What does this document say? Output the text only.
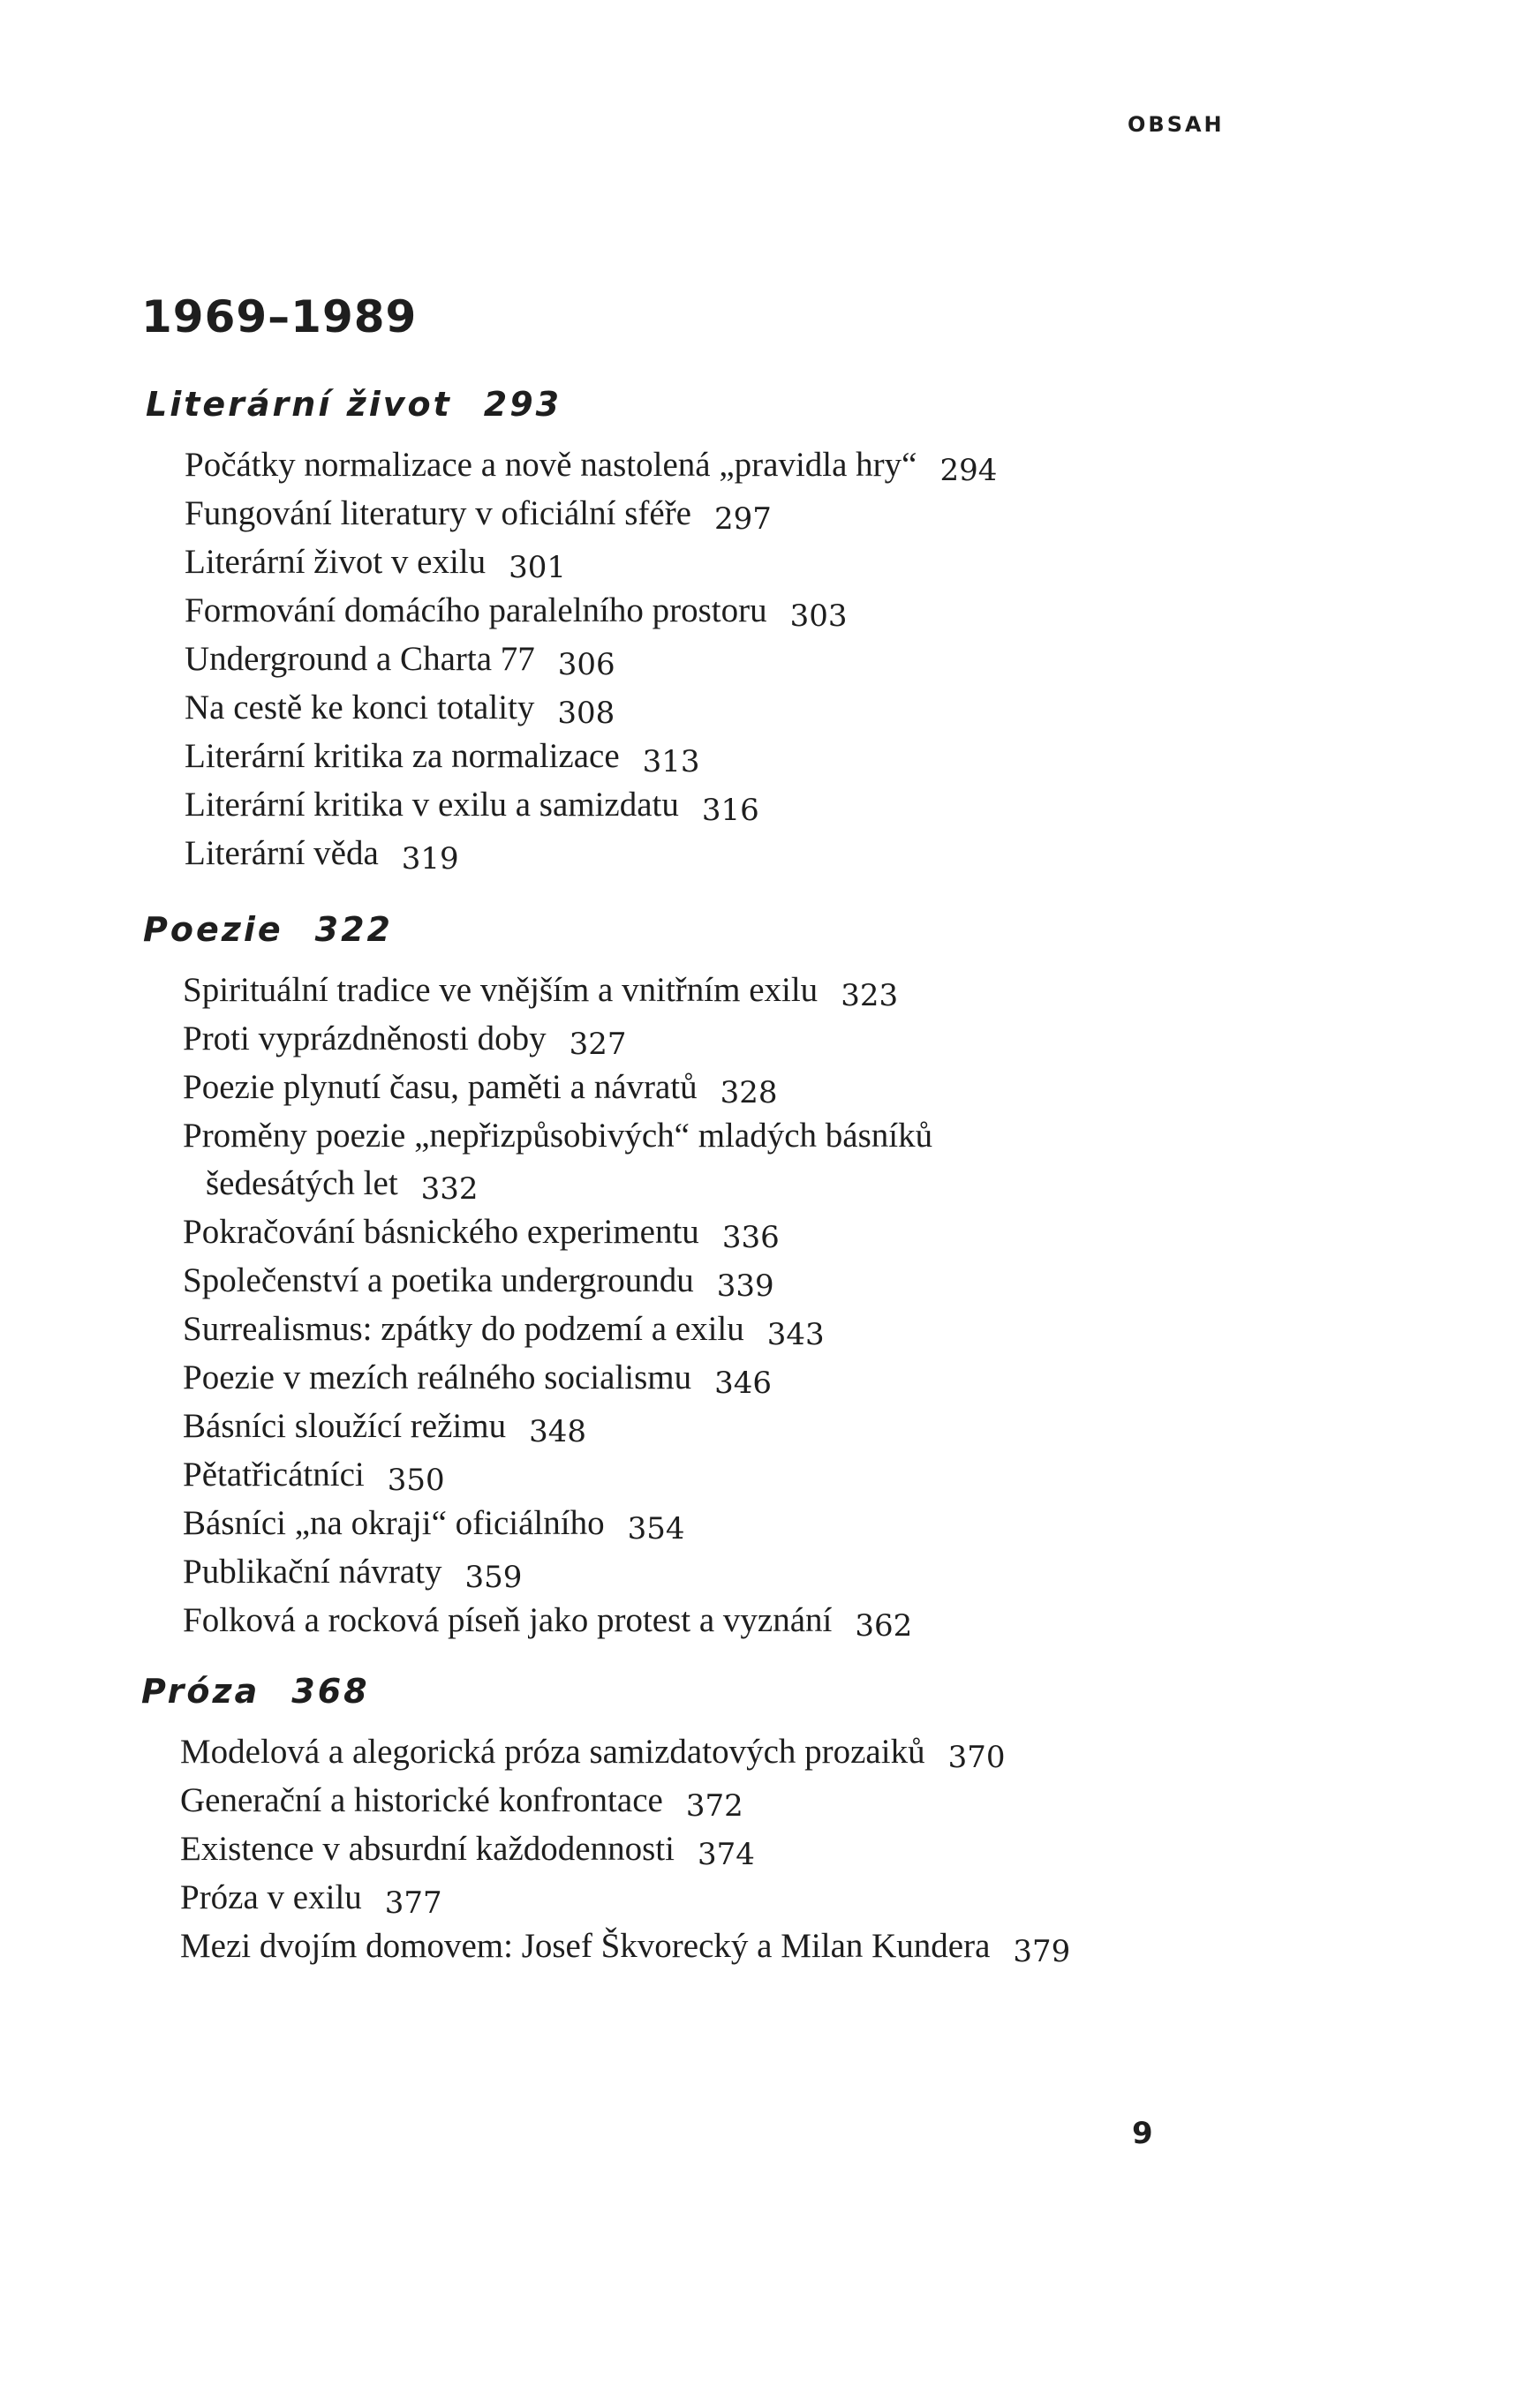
OBSAH
1969–1989
Literární život 293
Počátky normalizace a nově nastolená „pravidla hry“ 294
Fungování literatury v oficiální sféře 297
Literární život v exilu 301
Formování domácího paralelního prostoru 303
Underground a Charta 77 306
Na cestě ke konci totality 308
Literární kritika za normalizace 313
Literární kritika v exilu a samizdatu 316
Literární věda 319
Poezie 322
Spirituální tradice ve vnějším a vnitřním exilu 323
Proti vyprázdněnosti doby 327
Poezie plynutí času, paměti a návratů 328
Proměny poezie „nepřizpůsobivých“ mladých básníků
šedesátých let 332
Pokračování básnického experimentu 336
Společenství a poetika undergroundu 339
Surrealismus: zpátky do podzemí a exilu 343
Poezie v mezích reálného socialismu 346
Básníci sloužící režimu 348
Pětatřicátníci 350
Básníci „na okraji“ oficiálního 354
Publikační návraty 359
Folková a rocková píseň jako protest a vyznání 362
Próza 368
Modelová a alegorická próza samizdatových prozaiků 370
Generační a historické konfrontace 372
Existence v absurdní každodennosti 374
Próza v exilu 377
Mezi dvojím domovem: Josef Škvorecký a Milan Kundera 379
9
